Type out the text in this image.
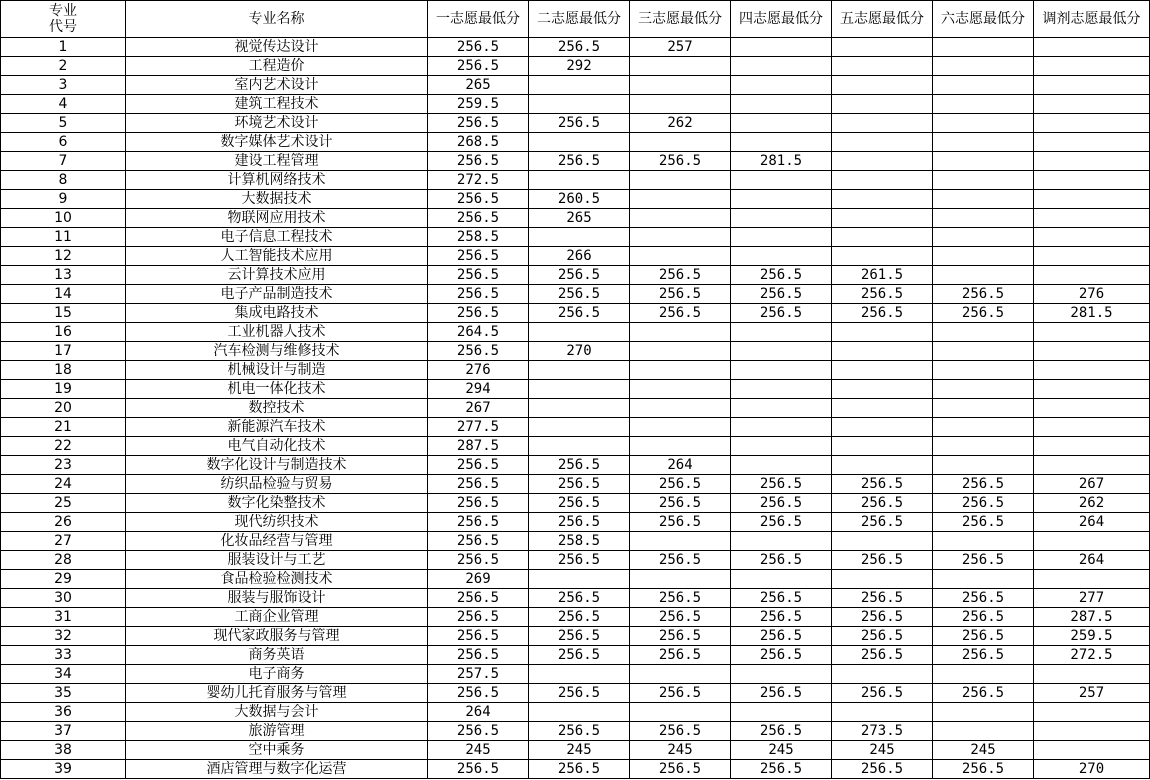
专业
代号	专业名称	一志愿最低分	二志愿最低分	三志愿最低分	四志愿最低分	五志愿最低分	六志愿最低分	调剂志愿最低分
1	视觉传达设计	256.5	256.5	257				
2	工程造价	256.5	292					
3	室内艺术设计	265						
4	建筑工程技术	259.5						
5	环境艺术设计	256.5	256.5	262				
6	数字媒体艺术设计	268.5						
7	建设工程管理	256.5	256.5	256.5	281.5			
8	计算机网络技术	272.5						
9	大数据技术	256.5	260.5					
10	物联网应用技术	256.5	265					
11	电子信息工程技术	258.5						
12	人工智能技术应用	256.5	266					
13	云计算技术应用	256.5	256.5	256.5	256.5	261.5		
14	电子产品制造技术	256.5	256.5	256.5	256.5	256.5	256.5	276
15	集成电路技术	256.5	256.5	256.5	256.5	256.5	256.5	281.5
16	工业机器人技术	264.5						
17	汽车检测与维修技术	256.5	270					
18	机械设计与制造	276						
19	机电一体化技术	294						
20	数控技术	267						
21	新能源汽车技术	277.5						
22	电气自动化技术	287.5						
23	数字化设计与制造技术	256.5	256.5	264				
24	纺织品检验与贸易	256.5	256.5	256.5	256.5	256.5	256.5	267
25	数字化染整技术	256.5	256.5	256.5	256.5	256.5	256.5	262
26	现代纺织技术	256.5	256.5	256.5	256.5	256.5	256.5	264
27	化妆品经营与管理	256.5	258.5					
28	服装设计与工艺	256.5	256.5	256.5	256.5	256.5	256.5	264
29	食品检验检测技术	269						
30	服装与服饰设计	256.5	256.5	256.5	256.5	256.5	256.5	277
31	工商企业管理	256.5	256.5	256.5	256.5	256.5	256.5	287.5
32	现代家政服务与管理	256.5	256.5	256.5	256.5	256.5	256.5	259.5
33	商务英语	256.5	256.5	256.5	256.5	256.5	256.5	272.5
34	电子商务	257.5						
35	婴幼儿托育服务与管理	256.5	256.5	256.5	256.5	256.5	256.5	257
36	大数据与会计	264						
37	旅游管理	256.5	256.5	256.5	256.5	273.5		
38	空中乘务	245	245	245	245	245	245	
39	酒店管理与数字化运营	256.5	256.5	256.5	256.5	256.5	256.5	270
